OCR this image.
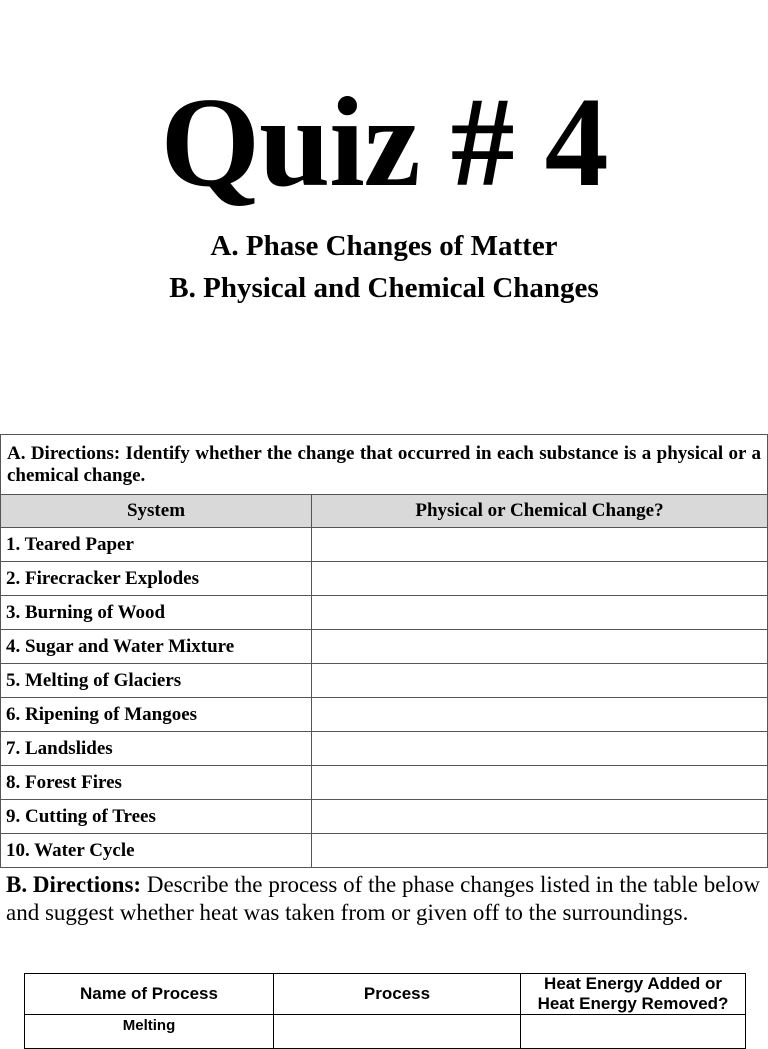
Quiz # 4
A. Phase Changes of Matter
B. Physical and Chemical Changes
A. Directions: Identify whether the change that occurred in each substance is a physical or a chemical change.	
System	Physical or Chemical Change?
1. Teared Paper	
2. Firecracker Explodes	
3. Burning of Wood	
4. Sugar and Water Mixture	
5. Melting of Glaciers	
6. Ripening of Mangoes	
7. Landslides	
8. Forest Fires	
9. Cutting of Trees	
10. Water Cycle	
B. Directions: Describe the process of the phase changes listed in the table below and suggest whether heat was taken from or given off to the surroundings.
Name of Process	Process	Heat Energy Added or Heat Energy Removed?
Melting		
